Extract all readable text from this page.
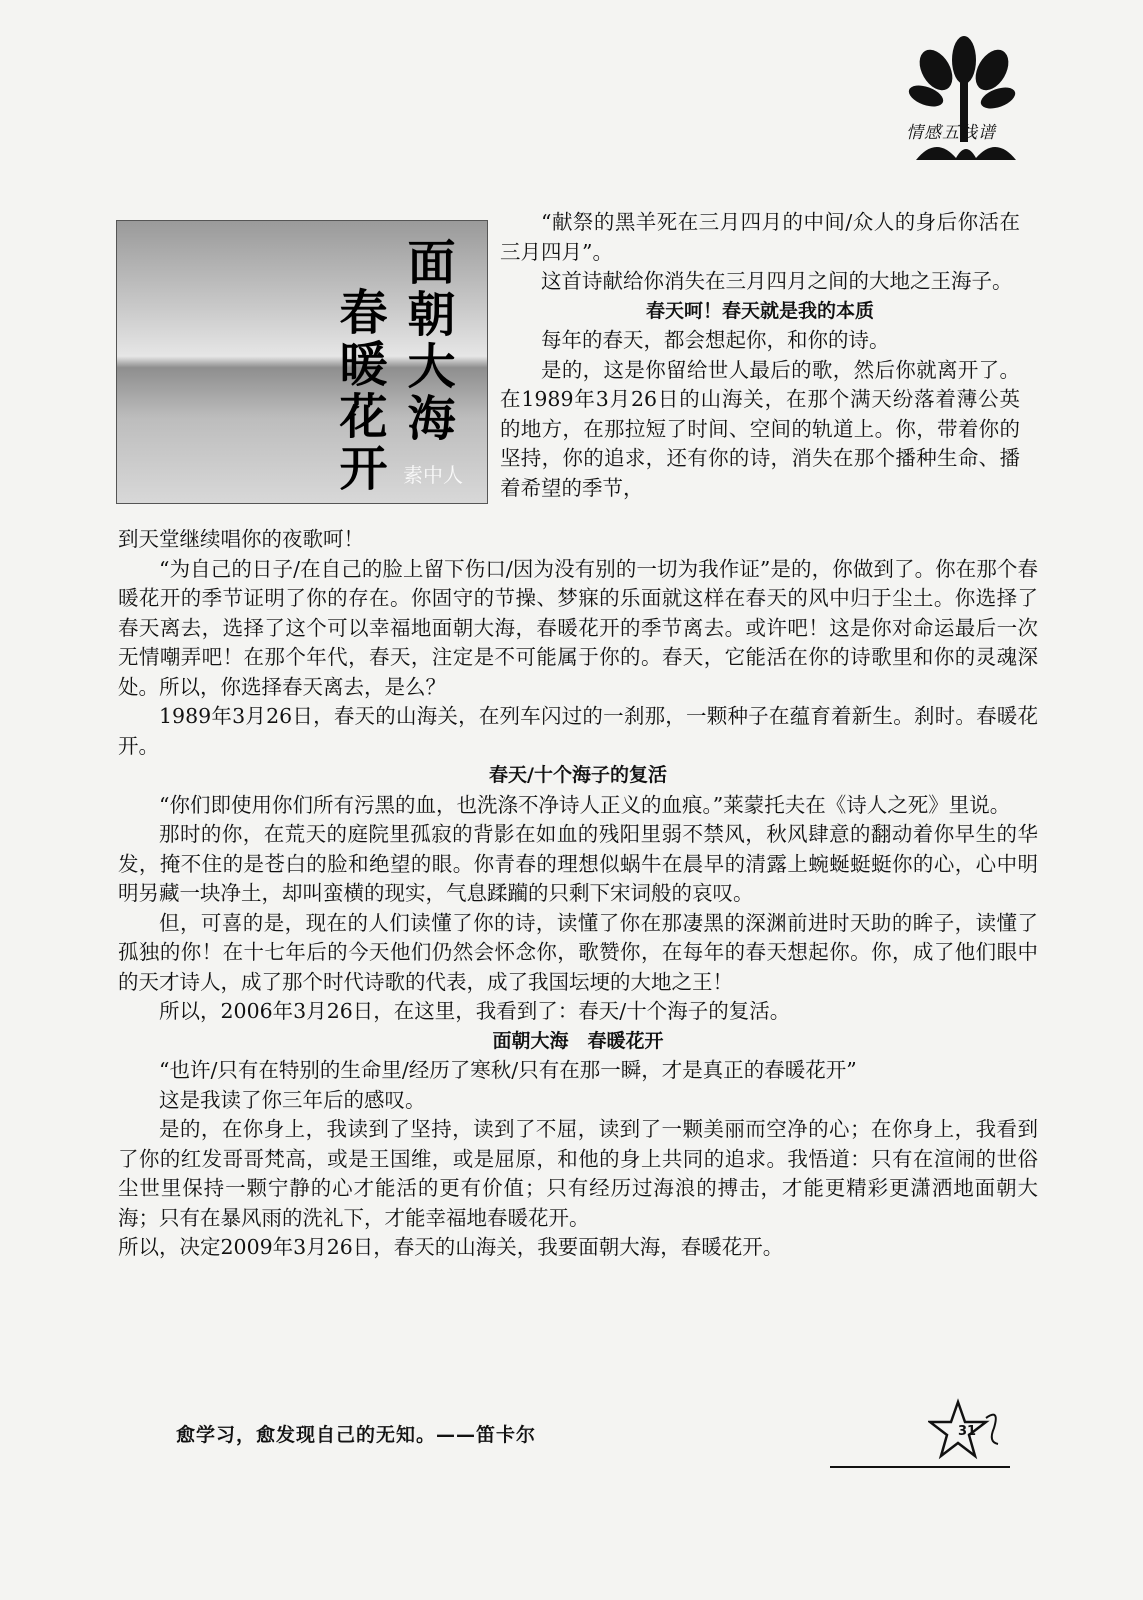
情感五线谱
面朝大海
春暖花开 素中人

“献祭的黑羊死在三月四月的中间/众人的身后你活在三月四月”。

这首诗献给你消失在三月四月之间的大地之王海子。

春天呵！春天就是我的本质

每年的春天，都会想起你，和你的诗。

是的，这是你留给世人最后的歌，然后你就离开了。在1989年3月26日的山海关，在那个满天纷落着薄公英的地方，在那拉短了时间、空间的轨道上。你，带着你的坚持，你的追求，还有你的诗，消失在那个播种生命、播着希望的季节，

到天堂继续唱你的夜歌呵！

“为自己的日子/在自己的脸上留下伤口/因为没有别的一切为我作证”是的，你做到了。你在那个春暖花开的季节证明了你的存在。你固守的节操、梦寐的乐面就这样在春天的风中归于尘土。你选择了春天离去，选择了这个可以幸福地面朝大海，春暖花开的季节离去。或许吧！这是你对命运最后一次无情嘲弄吧！在那个年代，春天，注定是不可能属于你的。春天，它能活在你的诗歌里和你的灵魂深处。所以，你选择春天离去，是么？

1989年3月26日，春天的山海关，在列车闪过的一刹那，一颗种子在蕴育着新生。刹时。春暖花开。

春天/十个海子的复活

“你们即使用你们所有污黑的血，也洗涤不净诗人正义的血痕。”莱蒙托夫在《诗人之死》里说。

那时的你，在荒天的庭院里孤寂的背影在如血的残阳里弱不禁风，秋风肆意的翻动着你早生的华发，掩不住的是苍白的脸和绝望的眼。你青春的理想似蜗牛在晨早的清露上蜿蜒蜓蜓你的心，心中明明另藏一块净土，却叫蛮横的现实，气息蹂躏的只剩下宋词般的哀叹。

但，可喜的是，现在的人们读懂了你的诗，读懂了你在那凄黑的深渊前进时天助的眸子，读懂了孤独的你！在十七年后的今天他们仍然会怀念你，歌赞你，在每年的春天想起你。你，成了他们眼中的天才诗人，成了那个时代诗歌的代表，成了我国坛埂的大地之王！

所以，2006年3月26日，在这里，我看到了：春天/十个海子的复活。

面朝大海　春暖花开

“也许/只有在特别的生命里/经历了寒秋/只有在那一瞬，才是真正的春暖花开”

这是我读了你三年后的感叹。

是的，在你身上，我读到了坚持，读到了不屈，读到了一颗美丽而空净的心；在你身上，我看到了你的红发哥哥梵高，或是王国维，或是屈原，和他的身上共同的追求。我悟道：只有在渲闹的世俗尘世里保持一颗宁静的心才能活的更有价值；只有经历过海浪的搏击，才能更精彩更潇洒地面朝大海；只有在暴风雨的洗礼下，才能幸福地春暖花开。

所以，决定2009年3月26日，春天的山海关，我要面朝大海，春暖花开。

愈学习，愈发现自己的无知。——笛卡尔	31
